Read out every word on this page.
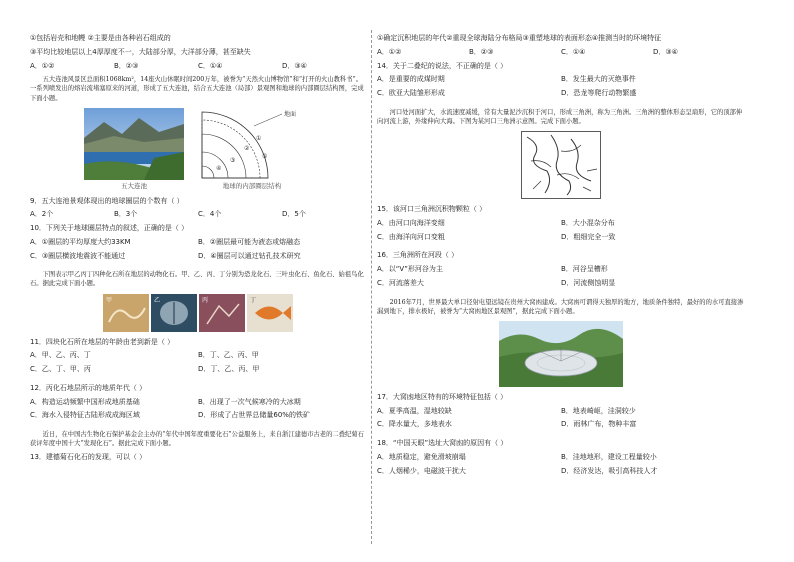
①包括岩壳和地幔 ②主要是由各种岩石组成的
③平均比较地层以上4厚厚度不一，大陆部分厚，大洋部分薄，甚至缺失
A．①②	B．②③	C．①④	D．③④
五大连池风景区总面积1068km²，14座火山休眠时间200万年，被誉为“天然火山博物馆”和“打开的火山教科书”。一系列喷发出的熔岩流堵塞原来的河道，形成了五大连池，结合五大连池（局部）景观图和地球的内部圈层结构图，完成下面小题。
五大连池
地面
①
②
③
④
⑤
地球的内部圈层结构
9．五大连池景观体现出的地球圈层的个数有（ ）
A．2个	B．3个	C．4个	D．5个
10．下列关于地球圈层特点的叙述，正确的是（ ）
A．①圈层的平均厚度大约33KM	B．②圈层最可能为液态或熔融态
C．③圈层横波地震波不能通过	D．④圈层可以通过钻孔技术研究
下图表示甲乙丙丁四种化石所在地层的动物化石。甲、乙、丙、丁分别为恐龙化石、三叶虫化石、鱼化石、始祖鸟化石。据此完成下面小题。
甲	乙	丙	丁
11．四块化石所在地层的年龄由老到新是（ ）
A．甲、乙、丙、丁	B．丁、乙、丙、甲
C．乙、丁、甲、丙	D．丁、乙、丙、甲
12．丙化石地层所示的地质年代（ ）
A．构造运动频繁中国形成地质基础	B．出现了一次气候寒冷的大冰期
C．海水入侵特征古陆形成成海区域	D．形成了占世界总储量60%的铁矿
近日，在中国古生物化石保护基金会主办的“年代中国年度重要化石”公益服务上，来自浙江建德市古老的二叠纪菊石获评年度中国十大“发现化石”。据此完成下面小题。
13．建德菊石化石的发现，可以（ ）
①确定沉积地层的年代②重现全球海陆分布格局③重塑地球的表面形态④推测当时的环境特征
A．①②	B．②③	C．①④	D．③④
14．关于二叠纪的说法，不正确的是（ ）
A．是重要的成煤时期	B．发生最大的灭绝事件
C．欧亚大陆雏形形成	D．恐龙等爬行动物繁盛
河口处河面扩大，水流速度减缓，常有大量泥沙沉积于河口，形成三角洲，称为三角洲。三角洲的整体形态呈扇形，它的顶部伸向河流上游，外缘伸向大海。下图为某河口三角洲示意图。完成下面小题。
15．该河口三角洲沉积物颗粒（ ）
A．由河口向海洋变细	B．大小混杂分布
C．由海洋向河口变粗	D．粗细完全一致
16．三角洲所在河段（ ）
A．以“V”形河谷为主	B．河谷呈槽形
C．河流落差大	D．河流侧蚀明显
2016年7月，世界最大单口径射电望远镜在贵州大窝凼建成。大窝凼可谓得天独厚的地方，地质条件独特，最好的的水可直接渗漏到地下，排水极好，被誉为“大窝凼地区景观图”，据此完成下面小题。
17．大窝凼地区特有的环境特征包括（ ）
A．夏季高温，湿地较缺	B．地表崎岖，洼洞较少
C．降水量大，多地表水	D．雨林广布，物种丰富
18．“中国天眼”选址大窝凼的原因有（ ）
A．地质稳定，避免滑坡崩塌	B．洼地地形，建设工程量较小
C．人烟稀少，电磁波干扰大	D．经济发达，吸引高科技人才
